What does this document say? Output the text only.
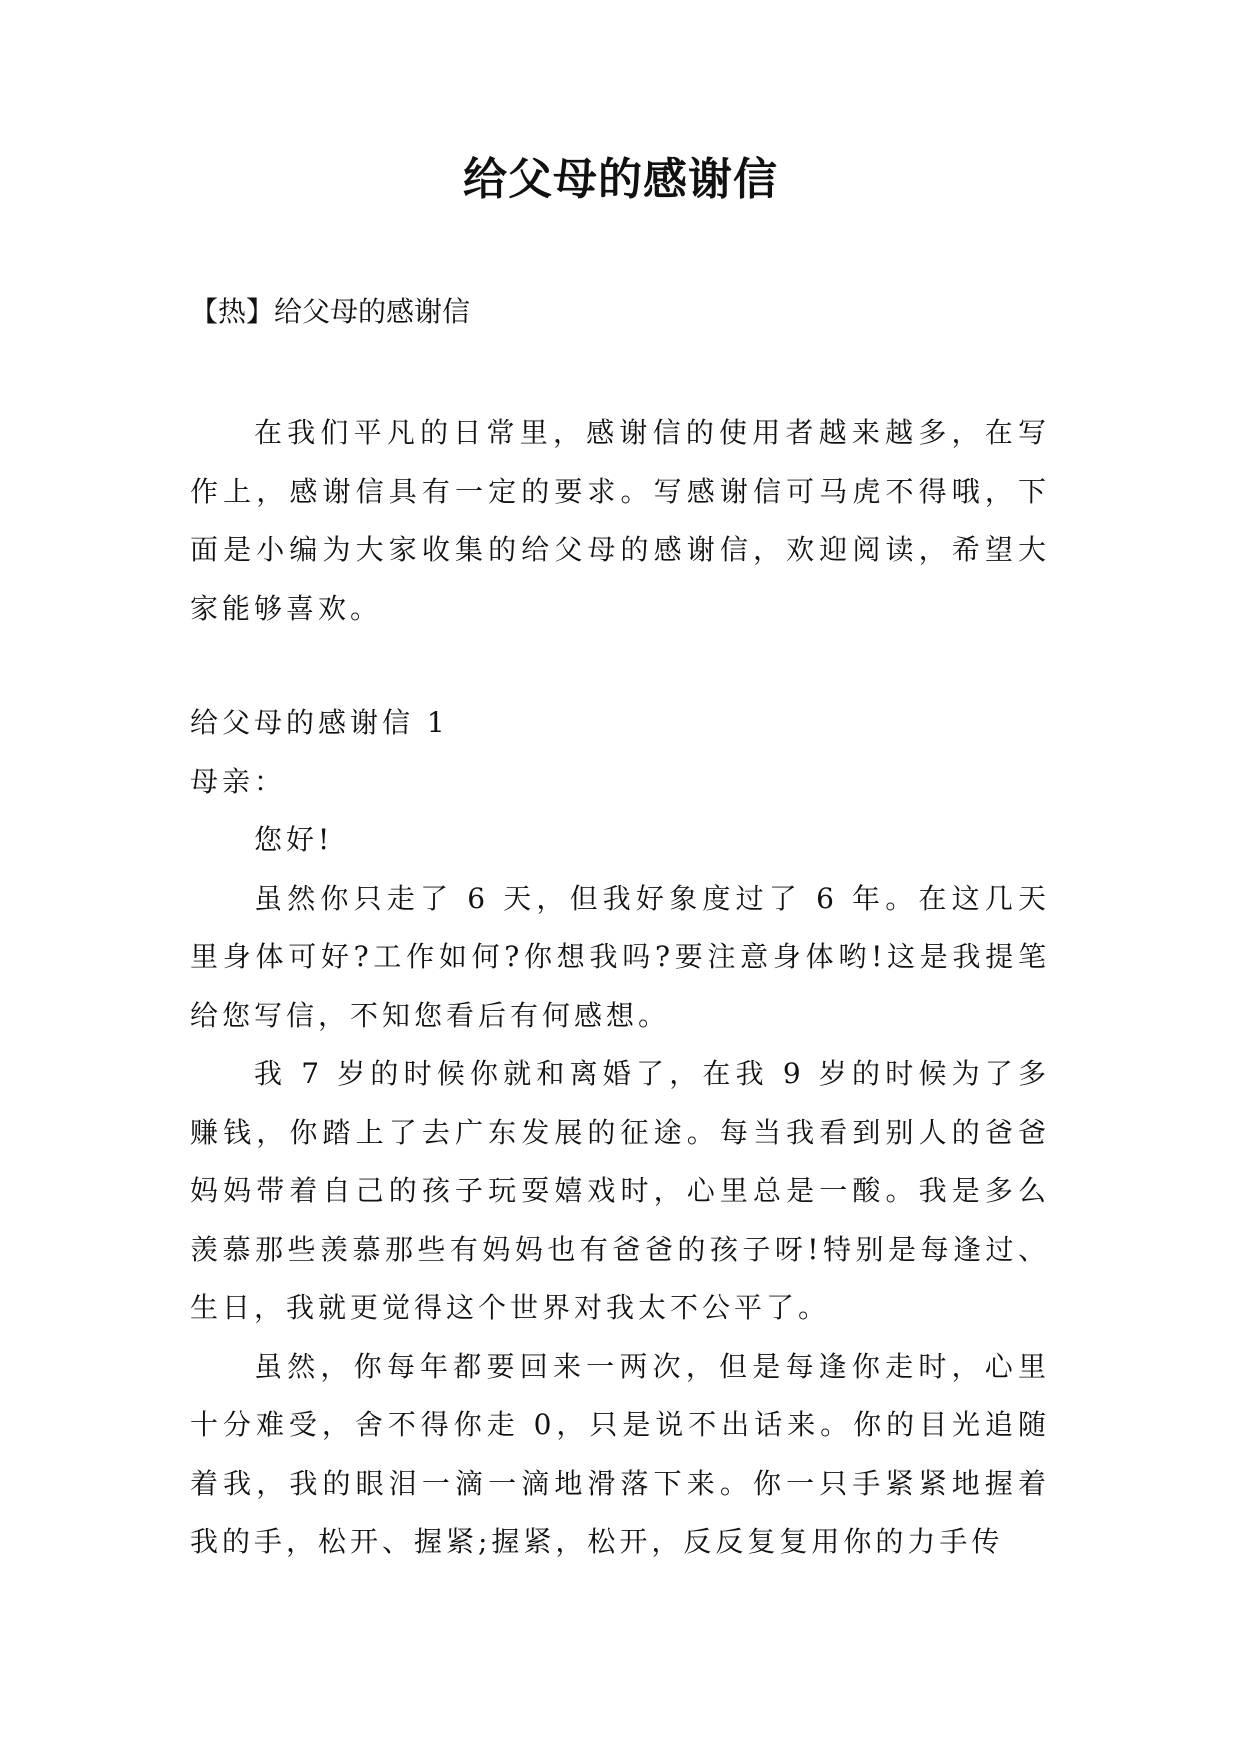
给父母的感谢信
【热】给父母的感谢信
在我们平凡的日常里，感谢信的使用者越来越多，在写作上，感谢信具有一定的要求。写感谢信可马虎不得哦，下面是小编为大家收集的给父母的感谢信，欢迎阅读，希望大家能够喜欢。

给父母的感谢信 1

母亲：

您好!

虽然你只走了 6 天，但我好象度过了 6 年。在这几天里身体可好?工作如何?你想我吗?要注意身体哟!这是我提笔给您写信，不知您看后有何感想。

我 7 岁的时候你就和离婚了，在我 9 岁的时候为了多赚钱，你踏上了去广东发展的征途。每当我看到别人的爸爸妈妈带着自己的孩子玩耍嬉戏时，心里总是一酸。我是多么羡慕那些羡慕那些有妈妈也有爸爸的孩子呀!特别是每逢过、生日，我就更觉得这个世界对我太不公平了。

虽然，你每年都要回来一两次，但是每逢你走时，心里十分难受，舍不得你走 0，只是说不出话来。你的目光追随着我，我的眼泪一滴一滴地滑落下来。你一只手紧紧地握着我的手，松开、握紧;握紧，松开，反反复复用你的力手传
